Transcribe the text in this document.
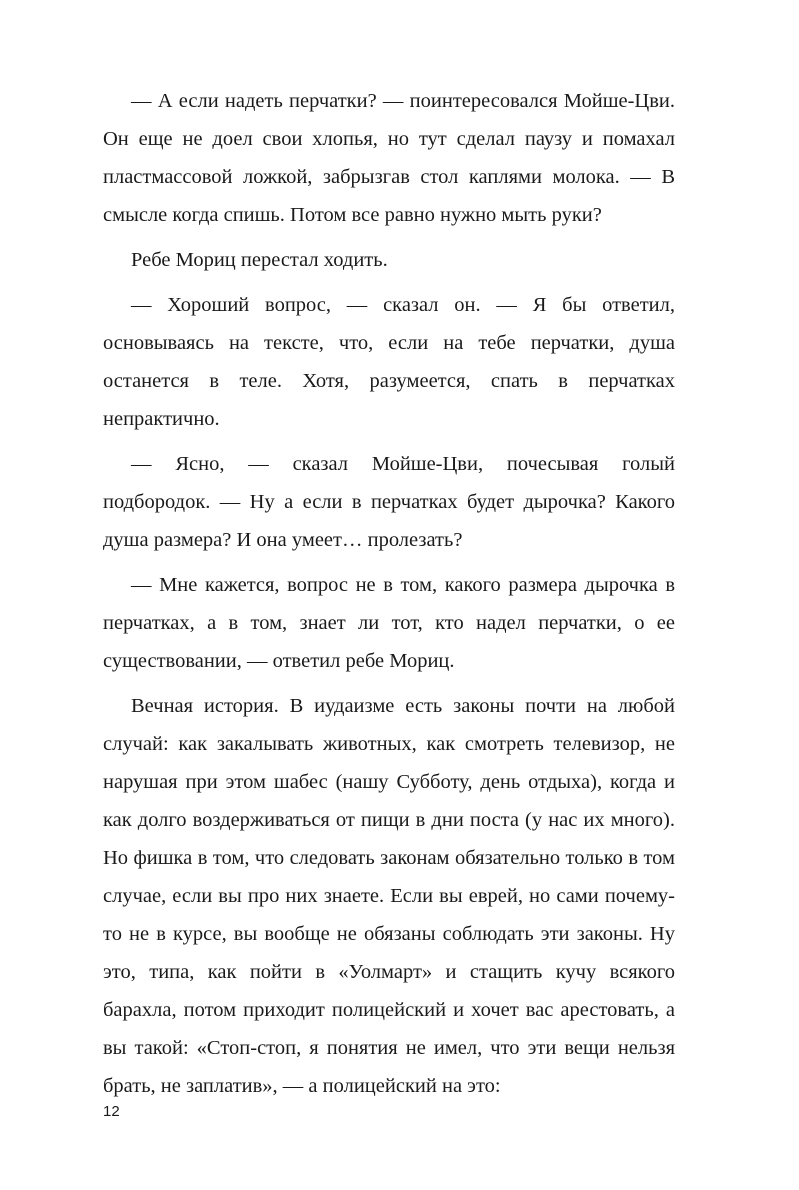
— А если надеть перчатки? — поинтересовался Мойше-Цви. Он еще не доел свои хлопья, но тут сделал паузу и помахал пластмассовой ложкой, забрызгав стол каплями молока. — В смысле когда спишь. Потом все равно нужно мыть руки?

Ребе Мориц перестал ходить.

— Хороший вопрос, — сказал он. — Я бы ответил, основываясь на тексте, что, если на тебе перчатки, душа останется в теле. Хотя, разумеется, спать в перчатках непрактично.

— Ясно, — сказал Мойше-Цви, почесывая голый подбородок. — Ну а если в перчатках будет дырочка? Какого душа размера? И она умеет… пролезать?

— Мне кажется, вопрос не в том, какого размера дырочка в перчатках, а в том, знает ли тот, кто надел перчатки, о ее существовании, — ответил ребе Мориц.

Вечная история. В иудаизме есть законы почти на любой случай: как закалывать животных, как смотреть телевизор, не нарушая при этом шабес (нашу Субботу, день отдыха), когда и как долго воздерживаться от пищи в дни поста (у нас их много). Но фишка в том, что следовать законам обязательно только в том случае, если вы про них знаете. Если вы еврей, но сами почему-то не в курсе, вы вообще не обязаны соблюдать эти законы. Ну это, типа, как пойти в «Уолмарт» и стащить кучу всякого барахла, потом приходит полицейский и хочет вас арестовать, а вы такой: «Стоп-стоп, я понятия не имел, что эти вещи нельзя брать, не заплатив», — а полицейский на это:

12
